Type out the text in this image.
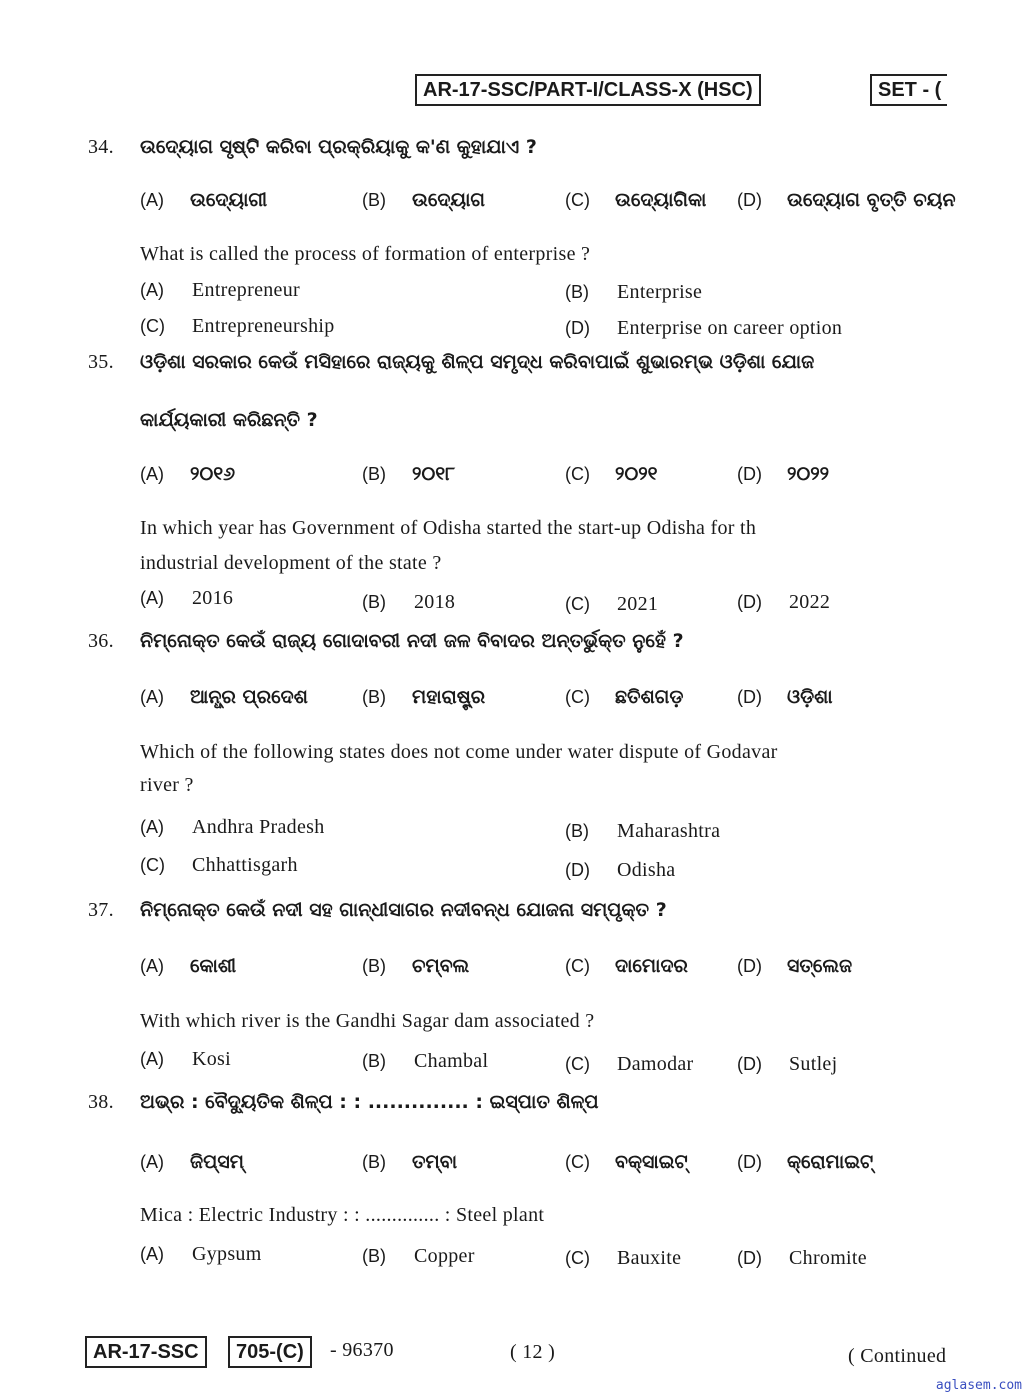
AR-17-SSC/PART-I/CLASS-X (HSC)	SET - (
34. ଉଦ୍ୟୋଗ ସୃଷ୍ଟି କରିବା ପ୍ରକ୍ରିୟାକୁ କ'ଣ କୁହାଯାଏ ?
(A) ଉଦ୍ୟୋଗୀ	(B) ଉଦ୍ୟୋଗ	(C) ଉଦ୍ୟୋଗିକା (D) ଉଦ୍ୟୋଗ ବୃତ୍ତି ଚୟନ
What is called the process of formation of enterprise ?
(A) Entrepreneur	(B) Enterprise
(C) Entrepreneurship	(D) Enterprise on career option
35. ଓଡ଼ିଶା ସରକାର କେଉଁ ମସିହାରେ ରାଜ୍ୟକୁ ଶିଳ୍ପ ସମୃଦ୍ଧ କରିବାପାଇଁ ଶୁଭାରମ୍ଭ ଓଡ଼ିଶା ଯୋଜ
କାର୍ଯ୍ୟକାରୀ କରିଛନ୍ତି ?
(A) ୨୦୧୬	(B) ୨୦୧୮	(C) ୨୦୨୧	(D) ୨୦୨୨
In which year has Government of Odisha started the start-up Odisha for th
industrial development of the state ?
(A) 2016	(B) 2018	(C) 2021	(D) 2022
36. ନିମ୍ନୋକ୍ତ କେଉଁ ରାଜ୍ୟ ଗୋଦାବରୀ ନଦୀ ଜଳ ବିବାଦର ଅନ୍ତର୍ଭୁକ୍ତ ନୁହେଁ ?
(A) ଆନ୍ଧ୍ର ପ୍ରଦେଶ	(B) ମହାରାଷ୍ଟ୍ର	(C) ଛତିଶଗଡ଼	(D) ଓଡ଼ିଶା
Which of the following states does not come under water dispute of Godavar
river ?
(A) Andhra Pradesh	(B) Maharashtra
(C) Chhattisgarh	(D) Odisha
37. ନିମ୍ନୋକ୍ତ କେଉଁ ନଦୀ ସହ ଗାନ୍ଧୀସାଗର ନଦୀବନ୍ଧ ଯୋଜନା ସମ୍ପୃକ୍ତ ?
(A) କୋଶୀ	(B) ଚମ୍ବଲ	(C) ଦାମୋଦର	(D) ସତ୍‌ଲେଜ
With which river is the Gandhi Sagar dam associated ?
(A) Kosi	(B) Chambal	(C) Damodar (D) Sutlej
38. ଅଭ୍ର : ବୈଦ୍ୟୁତିକ ଶିଳ୍ପ : : .............. : ଇସ୍ପାତ ଶିଳ୍ପ
(A) ଜିପ୍‌ସମ୍	(B) ତମ୍ବା	(C) ବକ୍ସାଇଟ୍	(D) କ୍ରୋମାଇଟ୍
Mica : Electric Industry : : .............. : Steel plant
(A) Gypsum	(B) Copper	(C) Bauxite	(D) Chromite
AR-17-SSC	705-(C)	- 96370	( 12 )	( Continued
aglasem.com
